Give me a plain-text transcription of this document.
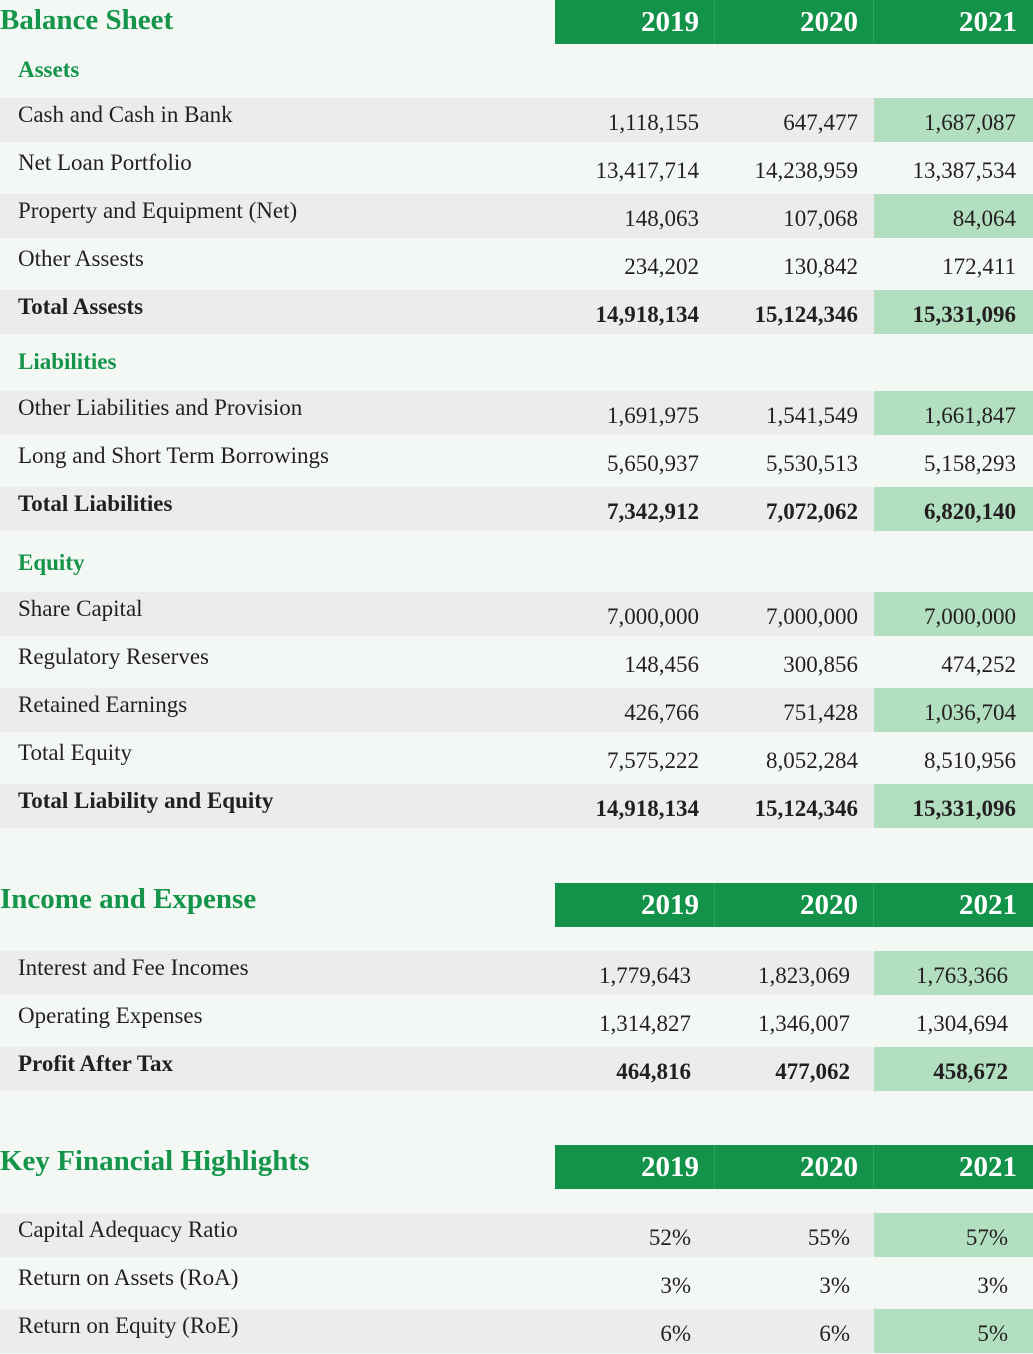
Balance Sheet	2019	2020	2021
Assets
Cash and Cash in Bank	1,118,155	647,477	1,687,087
Net Loan Portfolio	13,417,714	14,238,959	13,387,534
Property and Equipment (Net)	148,063	107,068	84,064
Other Assests	234,202	130,842	172,411
Total Assests	14,918,134	15,124,346	15,331,096
Liabilities
Other Liabilities and Provision	1,691,975	1,541,549	1,661,847
Long and Short Term Borrowings	5,650,937	5,530,513	5,158,293
Total Liabilities	7,342,912	7,072,062	6,820,140
Equity
Share Capital	7,000,000	7,000,000	7,000,000
Regulatory Reserves	148,456	300,856	474,252
Retained Earnings	426,766	751,428	1,036,704
Total Equity	7,575,222	8,052,284	8,510,956
Total Liability and Equity	14,918,134	15,124,346	15,331,096
Income and Expense	2019	2020	2021
Interest and Fee Incomes	1,779,643	1,823,069	1,763,366
Operating Expenses	1,314,827	1,346,007	1,304,694
Profit After Tax	464,816	477,062	458,672
Key Financial Highlights	2019	2020	2021
Capital Adequacy Ratio	52%	55%	57%
Return on Assets (RoA)	3%	3%	3%
Return on Equity (RoE)	6%	6%	5%
